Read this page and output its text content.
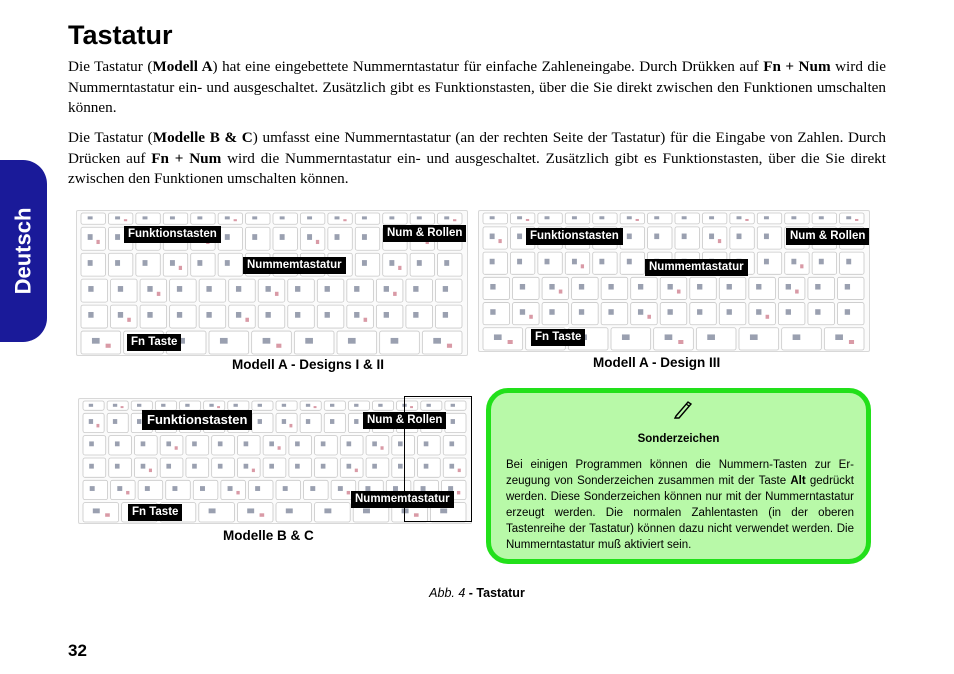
Deutsch
Tastatur

Die Tastatur (Modell A) hat eine eingebettete Nummerntastatur für einfache Zahleneingabe. Durch Drükken auf Fn + Num wird die Nummerntastatur ein- und ausgeschaltet. Zusätzlich gibt es Funktionstasten, über die Sie direkt zwischen den Funktionen umschalten können.

Die Tastatur (Modelle B & C) umfasst eine Nummerntastatur (an der rechten Seite der Tastatur) für die Eingabe von Zahlen. Durch Drücken auf Fn + Num wird die Nummerntastatur ein- und ausgeschaltet. Zusätzlich gibt es Funktionstasten, über die Sie direkt zwischen den Funktionen umschalten können.

Funktionstasten	Num & Rollen
Nummemtastatur
Fn Taste
Modell A - Designs I & II
Funktionstasten	Num & Rollen
Nummemtastatur
Fn Taste
Modell A - Design III
Funktionstasten	Num & Rollen
Nummemtastatur
Fn Taste
Modelle B & C
Sonderzeichen

Bei einigen Programmen können die Nummern-Tasten zur Erzeugung von Sonderzeichen zusammen mit der Taste Alt gedrückt werden. Diese Sonderzeichen können nur mit der Nummerntastatur erzeugt werden. Die normalen Zahlentasten (in der oberen Tastenreihe der Tastatur) können dazu nicht verwendet werden. Die Nummerntastatur muß aktiviert sein.

Abb. 4 - Tastatur
32
